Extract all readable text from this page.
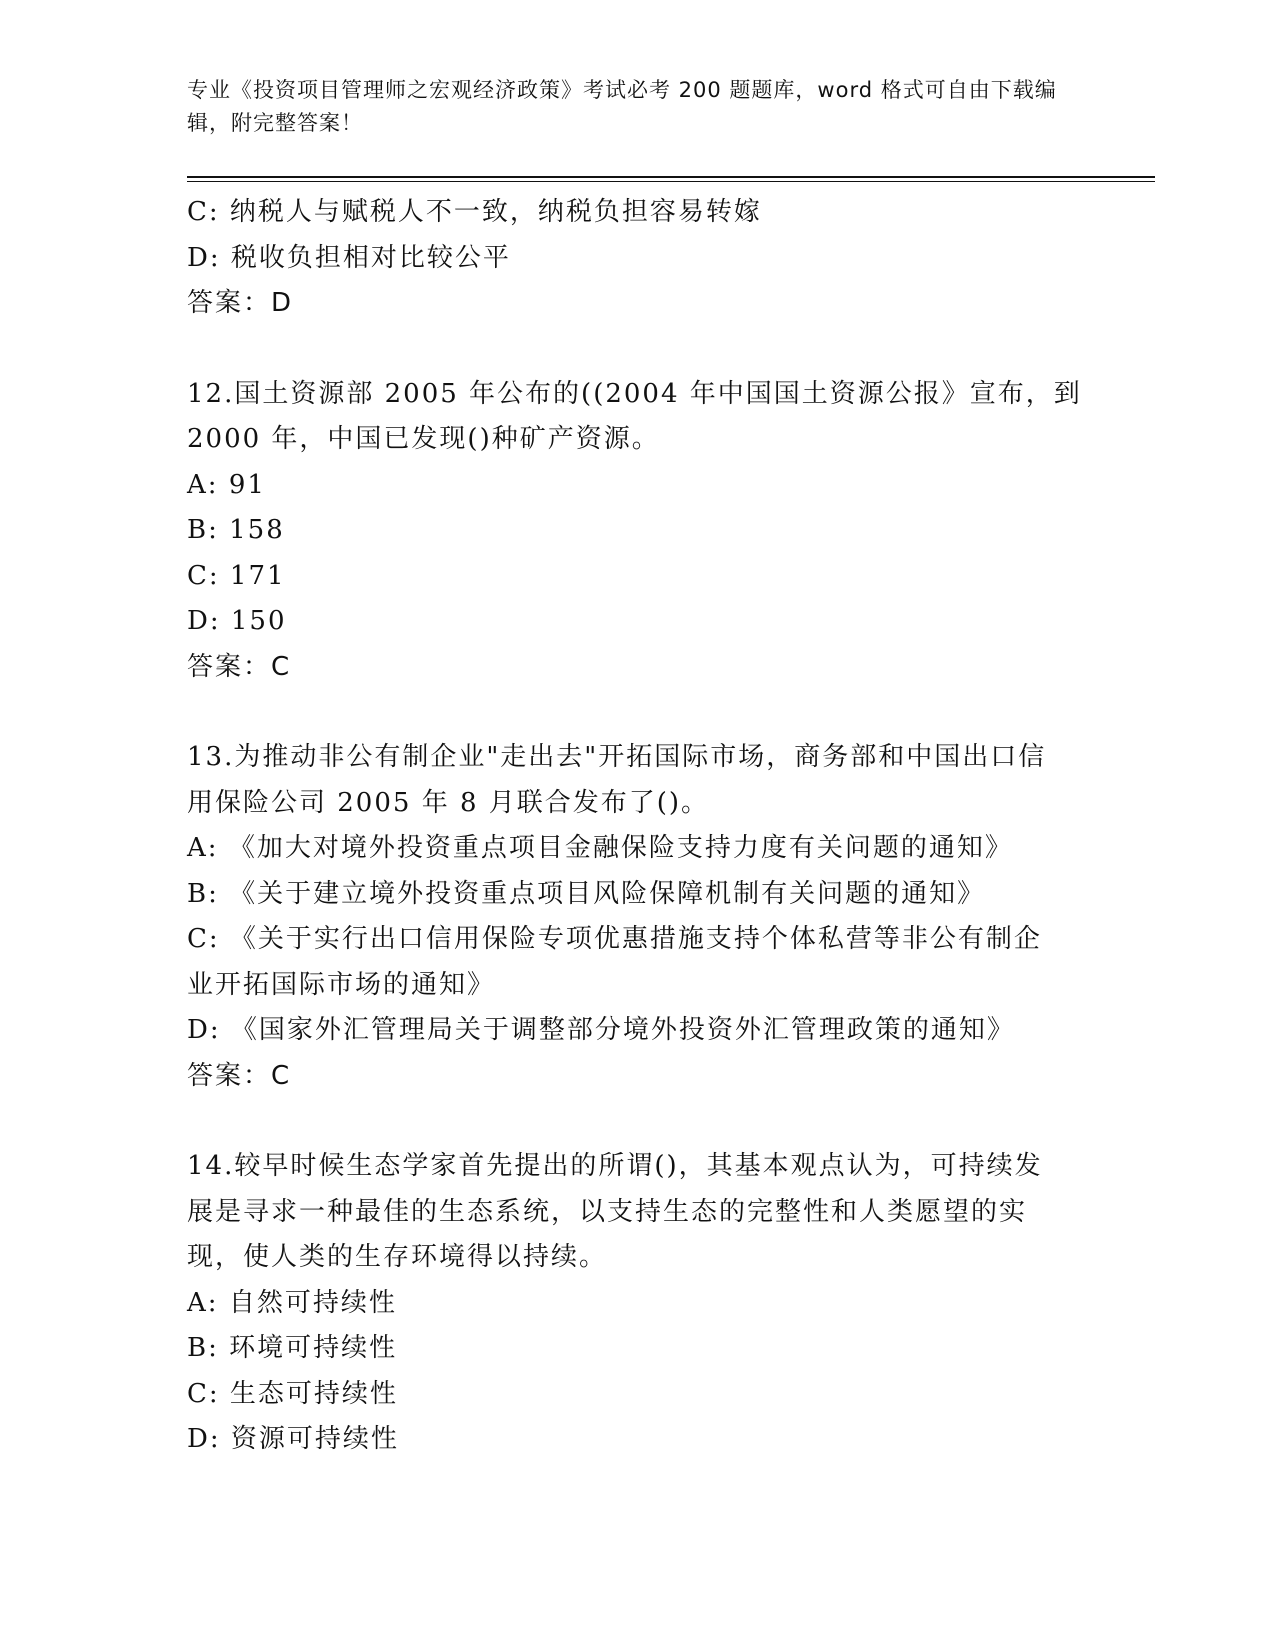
专业《投资项目管理师之宏观经济政策》考试必考 200 题题库，word 格式可自由下载编辑，附完整答案！
C: 纳税人与赋税人不一致，纳税负担容易转嫁
D: 税收负担相对比较公平
答案：D
12.国土资源部 2005 年公布的((2004 年中国国土资源公报》宣布，到
2000 年，中国已发现()种矿产资源。
A: 91
B: 158
C: 171
D: 150
答案：C
13.为推动非公有制企业"走出去"开拓国际市场，商务部和中国出口信
用保险公司 2005 年 8 月联合发布了()。
A: 《加大对境外投资重点项目金融保险支持力度有关问题的通知》
B: 《关于建立境外投资重点项目风险保障机制有关问题的通知》
C: 《关于实行出口信用保险专项优惠措施支持个体私营等非公有制企
业开拓国际市场的通知》
D: 《国家外汇管理局关于调整部分境外投资外汇管理政策的通知》
答案：C
14.较早时候生态学家首先提出的所谓()，其基本观点认为，可持续发
展是寻求一种最佳的生态系统，以支持生态的完整性和人类愿望的实
现，使人类的生存环境得以持续。
A: 自然可持续性
B: 环境可持续性
C: 生态可持续性
D: 资源可持续性
